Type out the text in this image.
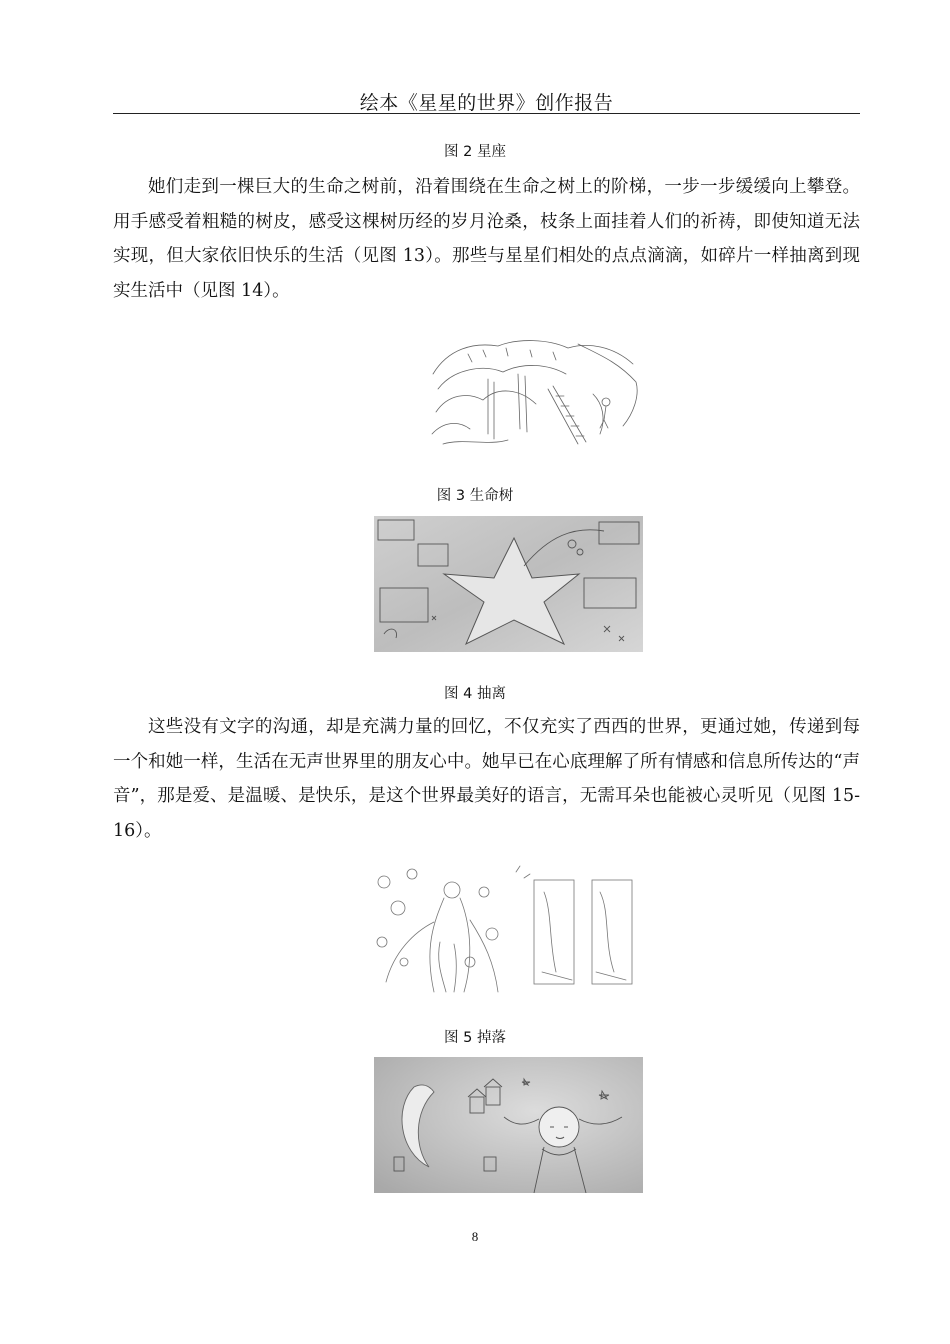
绘本《星星的世界》创作报告
图 2 星座

她们走到一棵巨大的生命之树前，沿着围绕在生命之树上的阶梯，一步一步缓缓向上攀登。用手感受着粗糙的树皮，感受这棵树历经的岁月沧桑，枝条上面挂着人们的祈祷，即使知道无法实现，但大家依旧快乐的生活（见图 13）。那些与星星们相处的点点滴滴，如碎片一样抽离到现实生活中（见图 14）。

图 3 生命树
图 4 抽离

这些没有文字的沟通，却是充满力量的回忆，不仅充实了西西的世界，更通过她，传递到每一个和她一样，生活在无声世界里的朋友心中。她早已在心底理解了所有情感和信息所传达的“声音”，那是爱、是温暖、是快乐，是这个世界最美好的语言，无需耳朵也能被心灵听见（见图 15-16）。

图 5 掉落
8
